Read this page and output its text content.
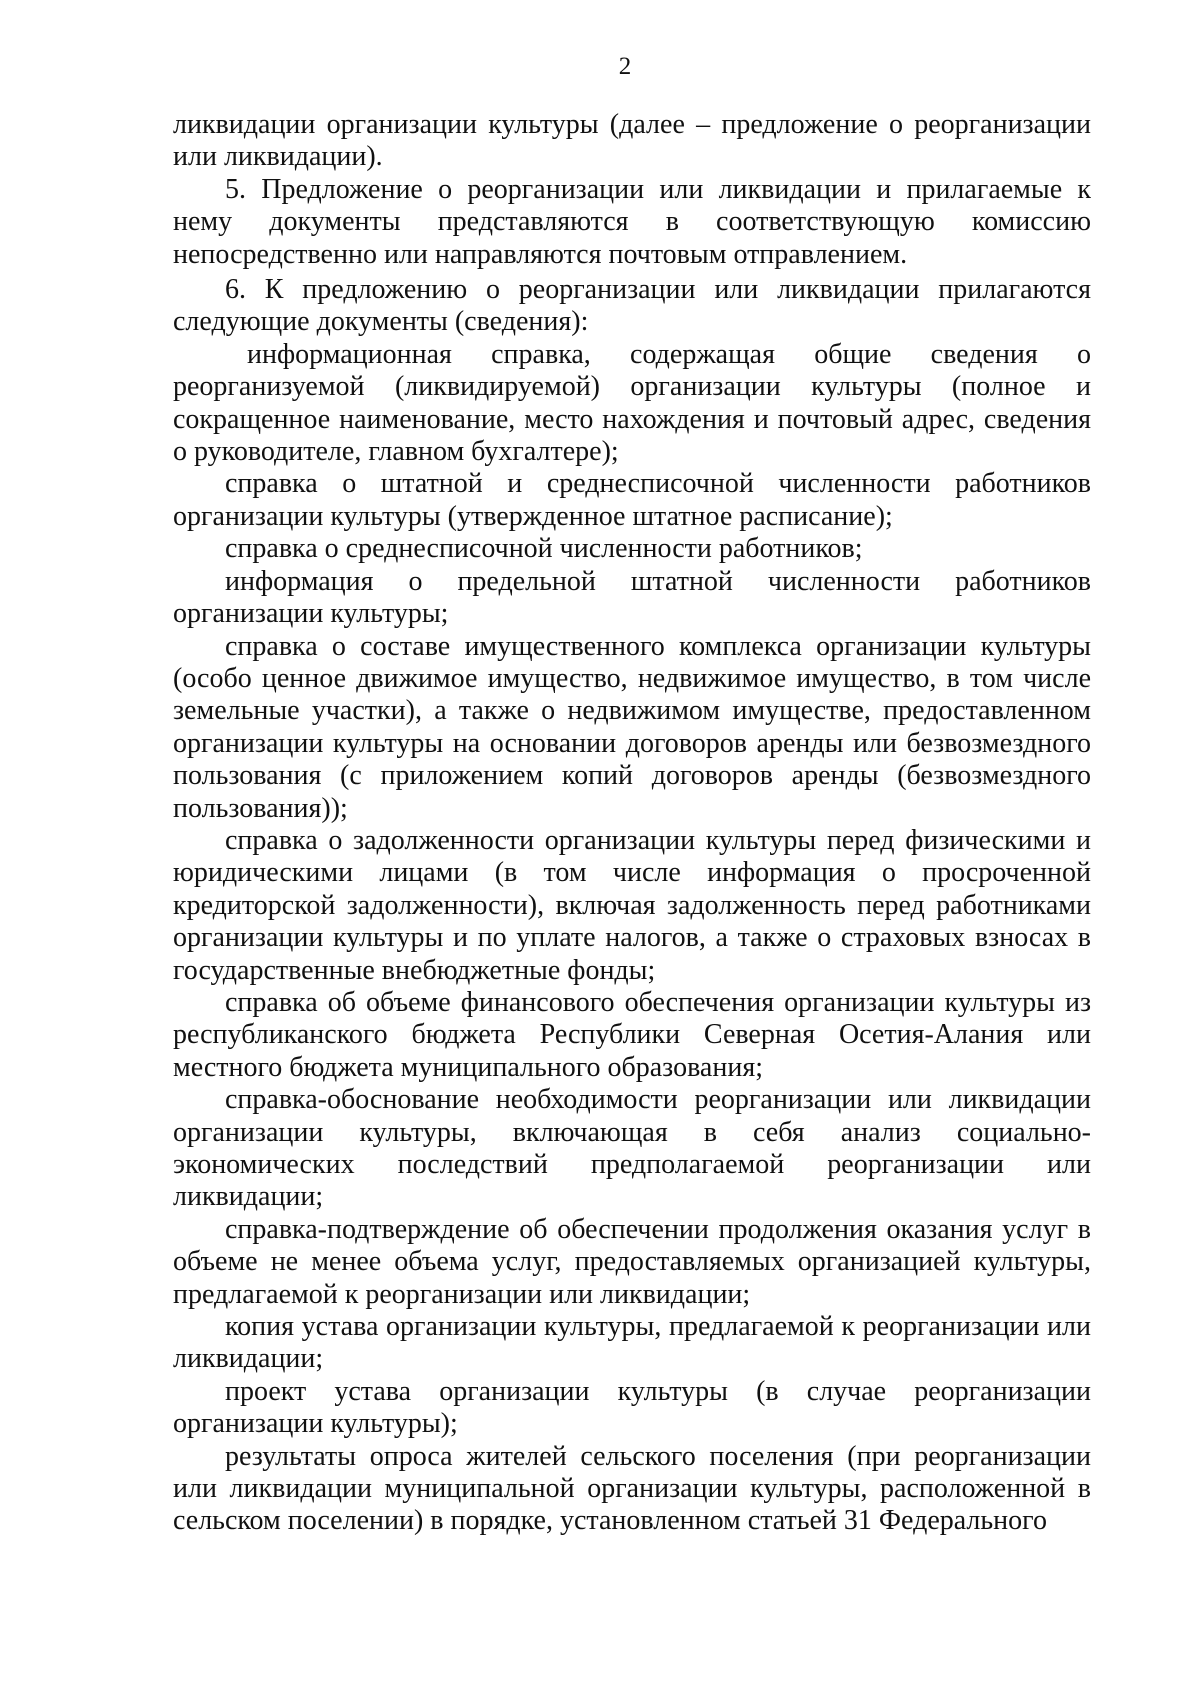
2

ликвидации организации культуры (далее – предложение о реорганизации или ликвидации).

5. Предложение о реорганизации или ликвидации и прилагаемые к нему документы представляются в соответствующую комиссию непосредственно или направляются почтовым отправлением.

6. К предложению о реорганизации или ликвидации прилагаются следующие документы (сведения):

информационная справка, содержащая общие сведения о реорганизуемой (ликвидируемой) организации культуры (полное и сокращенное наименование, место нахождения и почтовый адрес, сведения о руководителе, главном бухгалтере);

справка о штатной и среднесписочной численности работников организации культуры (утвержденное штатное расписание);

справка о среднесписочной численности работников;

информация о предельной штатной численности работников организации культуры;

справка о составе имущественного комплекса организации культуры (особо ценное движимое имущество, недвижимое имущество, в том числе земельные участки), а также о недвижимом имуществе, предоставленном организации культуры на основании договоров аренды или безвозмездного пользования (с приложением копий договоров аренды (безвозмездного пользования));

справка о задолженности организации культуры перед физическими и юридическими лицами (в том числе информация о просроченной кредиторской задолженности), включая задолженность перед работниками организации культуры и по уплате налогов, а также о страховых взносах в государственные внебюджетные фонды;

справка об объеме финансового обеспечения организации культуры из республиканского бюджета Республики Северная Осетия-Алания или местного бюджета муниципального образования;

справка-обоснование необходимости реорганизации или ликвидации организации культуры, включающая в себя анализ социально-экономических последствий предполагаемой реорганизации или ликвидации;

справка-подтверждение об обеспечении продолжения оказания услуг в объеме не менее объема услуг, предоставляемых организацией культуры, предлагаемой к реорганизации или ликвидации;

копия устава организации культуры, предлагаемой к реорганизации или ликвидации;

проект устава организации культуры (в случае реорганизации организации культуры);

результаты опроса жителей сельского поселения (при реорганизации или ликвидации муниципальной организации культуры, расположенной в сельском поселении) в порядке, установленном статьей 31 Федерального
